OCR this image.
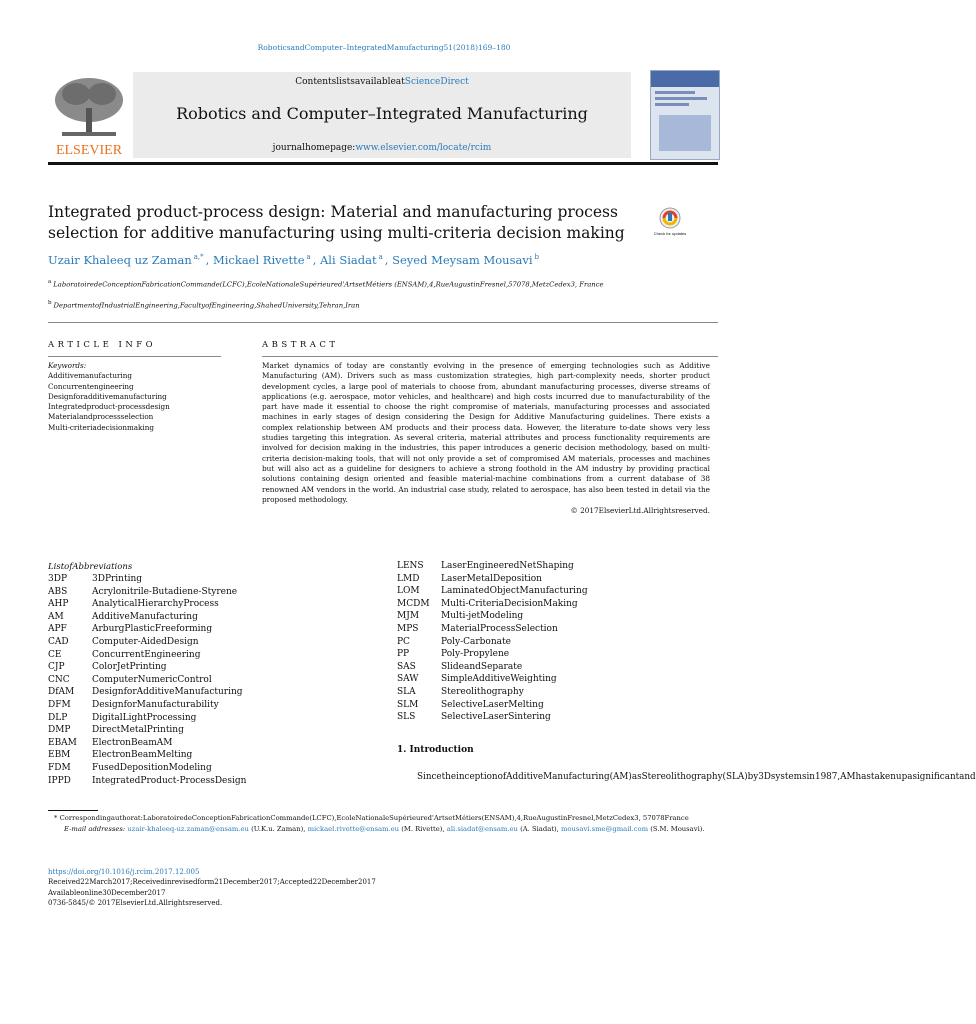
RoboticsandComputer–IntegratedManufacturing51(2018)169–180
ELSEVIER
ContentslistsavailableatScienceDirect
Robotics and Computer–Integrated Manufacturing
journalhomepage:www.elsevier.com/locate/rcim
Integrated product-process design: Material and manufacturing process
selection for additive manufacturing using multi-criteria decision making	Check for updates
Uzair Khaleeq uz Zaman $^{a,*}$ , Mickael Rivette $^a$ , Ali Siadat $^a$ , Seyed Meysam Mousavi $^b$
$^a$ LaboratoiredeConceptionFabricationCommande(LCFC),EcoleNationaleSupérieured'ArtsetMétiers (ENSAM),4,RueAugustinFresnel,57078,MetzCedex3, France
$^b$ DepartmentofIndustrialEngineering,FacultyofEngineering,ShahedUniversity,Tehran,Iran
ARTICLE INFO
Keywords:
Additivemanufacturing
Concurrentengineering
Designforadditivemanufacturing
Integratedproduct-processdesign
Materialandprocessselection
Multi-criteriadecisionmaking
ABSTRACT
Market dynamics of today are constantly evolving in the presence of emerging technologies such as Additive Manufacturing (AM). Drivers such as mass customization strategies, high part-complexity needs, shorter product development cycles, a large pool of materials to choose from, abundant manufacturing processes, diverse streams of applications (e.g. aerospace, motor vehicles, and healthcare) and high costs incurred due to manufacturability of the part have made it essential to choose the right compromise of materials, manufacturing processes and associated machines in early stages of design considering the Design for Additive Manufacturing guidelines. There exists a complex relationship between AM products and their process data. However, the literature to-date shows very less studies targeting this integration. As several criteria, material attributes and process functionality requirements are involved for decision making in the industries, this paper introduces a generic decision methodology, based on multi-criteria decision-making tools, that will not only provide a set of compromised AM materials, processes and machines but will also act as a guideline for designers to achieve a strong foothold in the AM industry by providing practical solutions containing design oriented and feasible material-machine combinations from a current database of 38 renowned AM vendors in the world. An industrial case study, related to aerospace, has also been tested in detail via the proposed methodology.
© 2017ElsevierLtd.Allrightsreserved.
ListofAbbreviations
3DP	3DPrinting
ABS	Acrylonitrile-Butadiene-Styrene
AHP	AnalyticalHierarchyProcess
AM	AdditiveManufacturing
APF	ArburgPlasticFreeforming
CAD	Computer-AidedDesign
CE	ConcurrentEngineering
CJP	ColorJetPrinting
CNC	ComputerNumericControl
DfAM	DesignforAdditiveManufacturing
DFM	DesignforManufacturability
DLP	DigitalLightProcessing
DMP	DirectMetalPrinting
EBAM	ElectronBeamAM
EBM	ElectronBeamMelting
FDM	FusedDepositionModeling
IPPD	IntegratedProduct-ProcessDesign
LENS	LaserEngineeredNetShaping
LMD	LaserMetalDeposition
LOM	LaminatedObjectManufacturing
MCDM	Multi-CriteriaDecisionMaking
MJM	Multi-jetModeling
MPS	MaterialProcessSelection
PC	Poly-Carbonate
PP	Poly-Propylene
SAS	SlideandSeparate
SAW	SimpleAdditiveWeighting
SLA	Stereolithography
SLM	SelectiveLaserMelting
SLS	SelectiveLaserSintering
1. Introduction
SincetheinceptionofAdditiveManufacturing(AM)asStereolithography(SLA)by3Dsystemsin1987,AMhastakenupasignificantand
* Correspondingauthorat:LaboratoiredeConceptionFabricationCommande(LCFC),EcoleNationaleSupérieured'ArtsetMétiers(ENSAM),4,RueAugustinFresnel,MetzCedex3, 57078France
E-mail addresses: uzair-khaleeq-uz.zaman@ensam.eu (U.K.u. Zaman), mickael.rivette@ensam.eu (M. Rivette), ali.siadat@ensam.eu (A. Siadat), mousavi.sme@gmail.com (S.M. Mousavi).
https://doi.org/10.1016/j.rcim.2017.12.005
Received22March2017;Receivedinrevisedform21December2017;Accepted22December2017
Availableonline30December2017
0736-5845/© 2017ElsevierLtd.Allrightsreserved.
